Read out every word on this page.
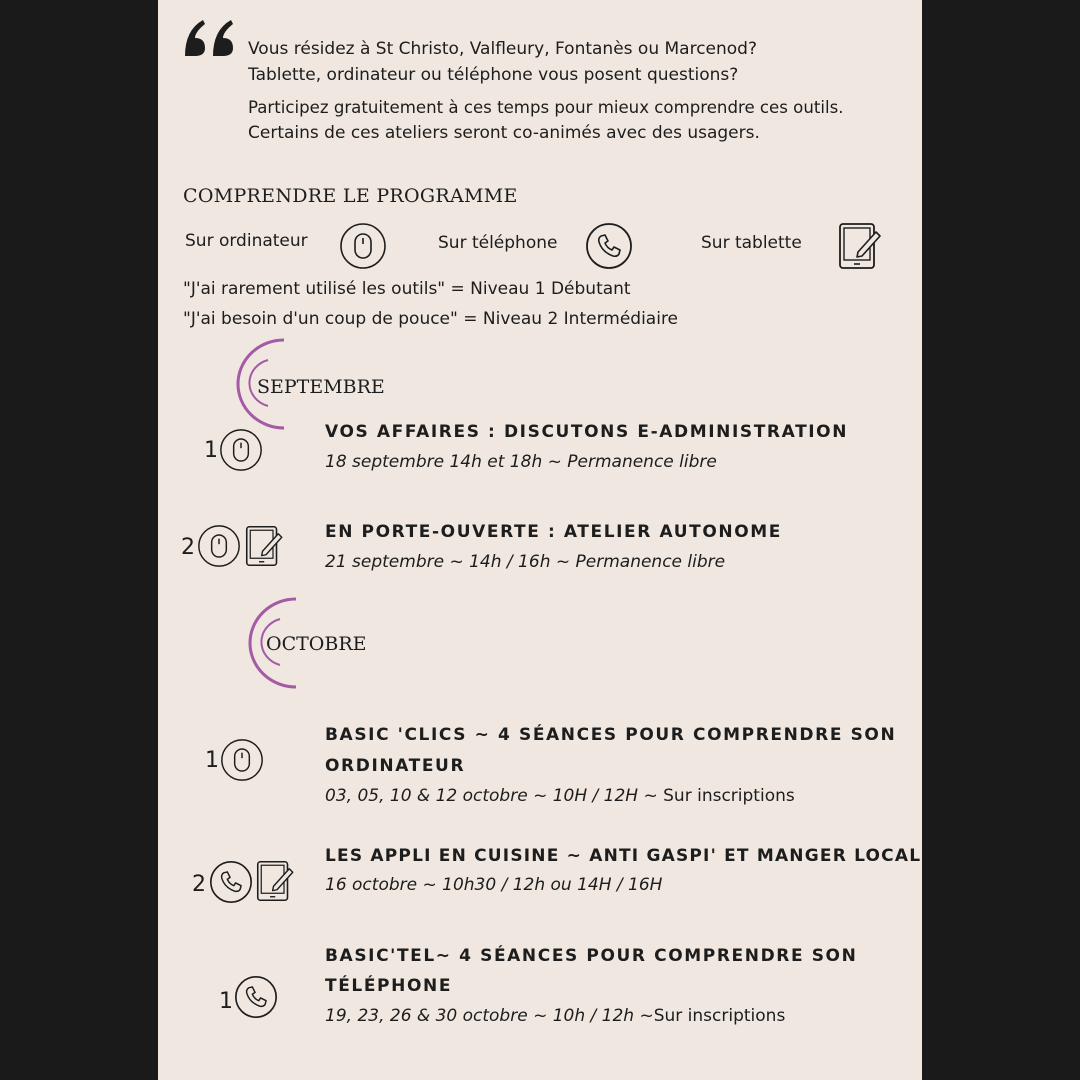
Vous résidez à St Christo, Valfleury, Fontanès ou Marcenod?
Tablette, ordinateur ou téléphone vous posent questions?
Participez gratuitement à ces temps pour mieux comprendre ces outils.
Certains de ces ateliers seront co-animés avec des usagers.
COMPRENDRE LE PROGRAMME
Sur ordinateur	Sur téléphone	Sur tablette
"J'ai rarement utilisé les outils" = Niveau 1 Débutant
"J'ai besoin d'un coup de pouce" = Niveau 2 Intermédiaire
SEPTEMBRE
1
VOS AFFAIRES : DISCUTONS E-ADMINISTRATION
18 septembre 14h et 18h ~ Permanence libre
2
EN PORTE-OUVERTE : ATELIER AUTONOME
21 septembre ~ 14h / 16h ~ Permanence libre
OCTOBRE
1
BASIC 'CLICS ~ 4 SÉANCES POUR COMPRENDRE SON
ORDINATEUR
03, 05, 10 & 12 octobre ~ 10H / 12H ~ Sur inscriptions
2
LES APPLI EN CUISINE ~ ANTI GASPI' ET MANGER LOCAL
16 octobre ~ 10h30 / 12h ou 14H / 16H
1
BASIC'TEL~ 4 SÉANCES POUR COMPRENDRE SON
TÉLÉPHONE
19, 23, 26 & 30 octobre ~ 10h / 12h ~Sur inscriptions
